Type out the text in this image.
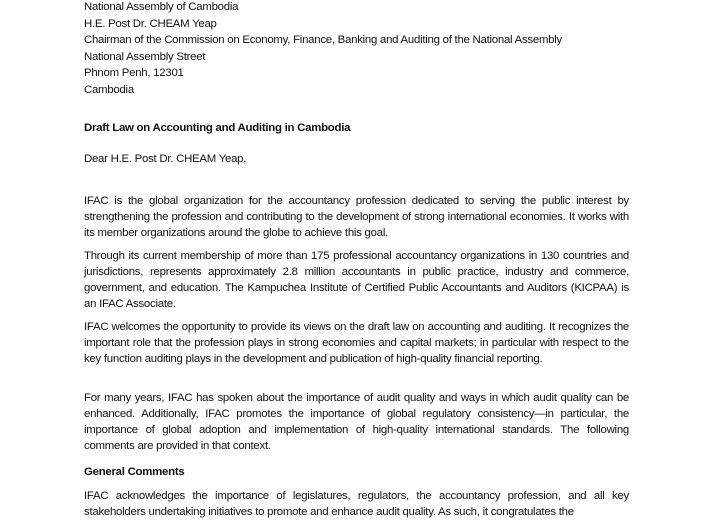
National Assembly of Cambodia
H.E. Post Dr. CHEAM Yeap
Chairman of the Commission on Economy, Finance, Banking and Auditing of the National Assembly
National Assembly Street
Phnom Penh, 12301
Cambodia
Draft Law on Accounting and Auditing in Cambodia
Dear H.E. Post Dr. CHEAM Yeap,

IFAC is the global organization for the accountancy profession dedicated to serving the public interest by strengthening the profession and contributing to the development of strong international economies. It works with its member organizations around the globe to achieve this goal.

Through its current membership of more than 175 professional accountancy organizations in 130 countries and jurisdictions, represents approximately 2.8 million accountants in public practice, industry and commerce, government, and education. The Kampuchea Institute of Certified Public Accountants and Auditors (KICPAA) is an IFAC Associate.

IFAC welcomes the opportunity to provide its views on the draft law on accounting and auditing. It recognizes the important role that the profession plays in strong economies and capital markets; in particular with respect to the key function auditing plays in the development and publication of high-quality financial reporting.

For many years, IFAC has spoken about the importance of audit quality and ways in which audit quality can be enhanced. Additionally, IFAC promotes the importance of global regulatory consistency—in particular, the importance of global adoption and implementation of high-quality international standards. The following comments are provided in that context.

General Comments

IFAC acknowledges the importance of legislatures, regulators, the accountancy profession, and all key stakeholders undertaking initiatives to promote and enhance audit quality. As such, it congratulates the
